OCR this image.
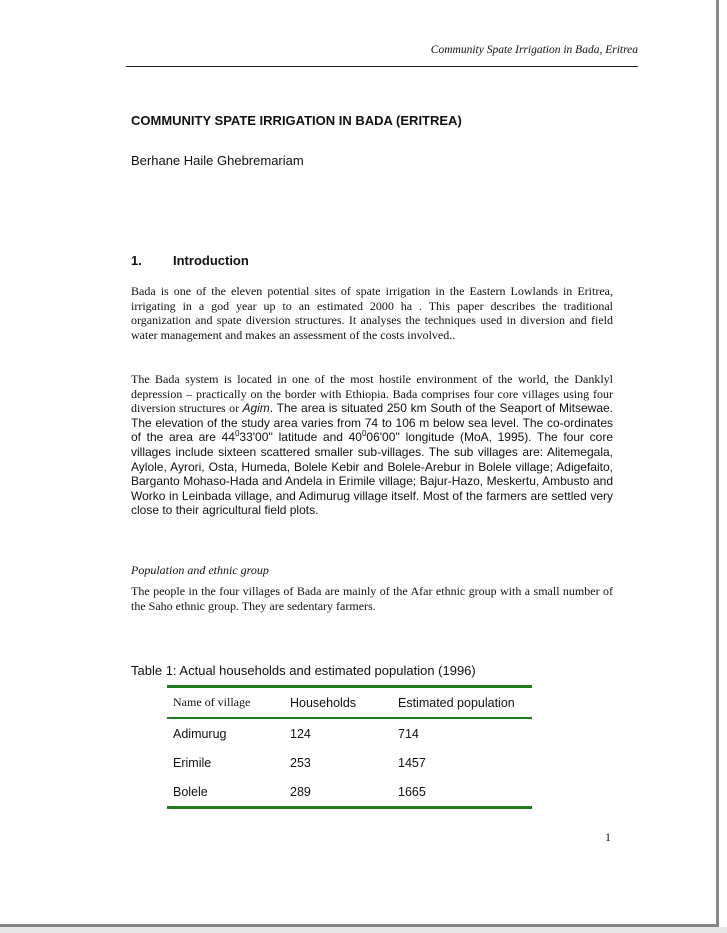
Community Spate Irrigation in Bada, Eritrea
COMMUNITY SPATE IRRIGATION IN BADA (ERITREA)
Berhane Haile Ghebremariam
1. Introduction
Bada is one of the eleven potential sites of spate irrigation in the Eastern Lowlands in Eritrea, irrigating in a god year up to an estimated 2000 ha . This paper describes the traditional organization and spate diversion structures. It analyses the techniques used in diversion and field water management and makes an assessment of the costs involved..
The Bada system is located in one of the most hostile environment of the world, the Danklyl depression – practically on the border with Ethiopia. Bada comprises four core villages using four diversion structures or Agim. The area is situated 250 km South of the Seaport of Mitsewae. The elevation of the study area varies from 74 to 106 m below sea level. The co-ordinates of the area are $44^033'00''$ latitude and $40^006'00''$ longitude (MoA, 1995). The four core villages include sixteen scattered smaller sub-villages. The sub villages are: Alitemegala, Aylole, Ayrori, Osta, Humeda, Bolele Kebir and Bolele-Arebur in Bolele village; Adigefaito, Barganto Mohaso-Hada and Andela in Erimile village; Bajur-Hazo, Meskertu, Ambusto and Worko in Leinbada village, and Adimurug village itself. Most of the farmers are settled very close to their agricultural field plots.
Population and ethnic group
The people in the four villages of Bada are mainly of the Afar ethnic group with a small number of the Saho ethnic group. They are sedentary farmers.
Table 1: Actual households and estimated population (1996)
Name of village	Households	Estimated population
Adimurug	124	714
Erimile	253	1457
Bolele	289	1665
1
